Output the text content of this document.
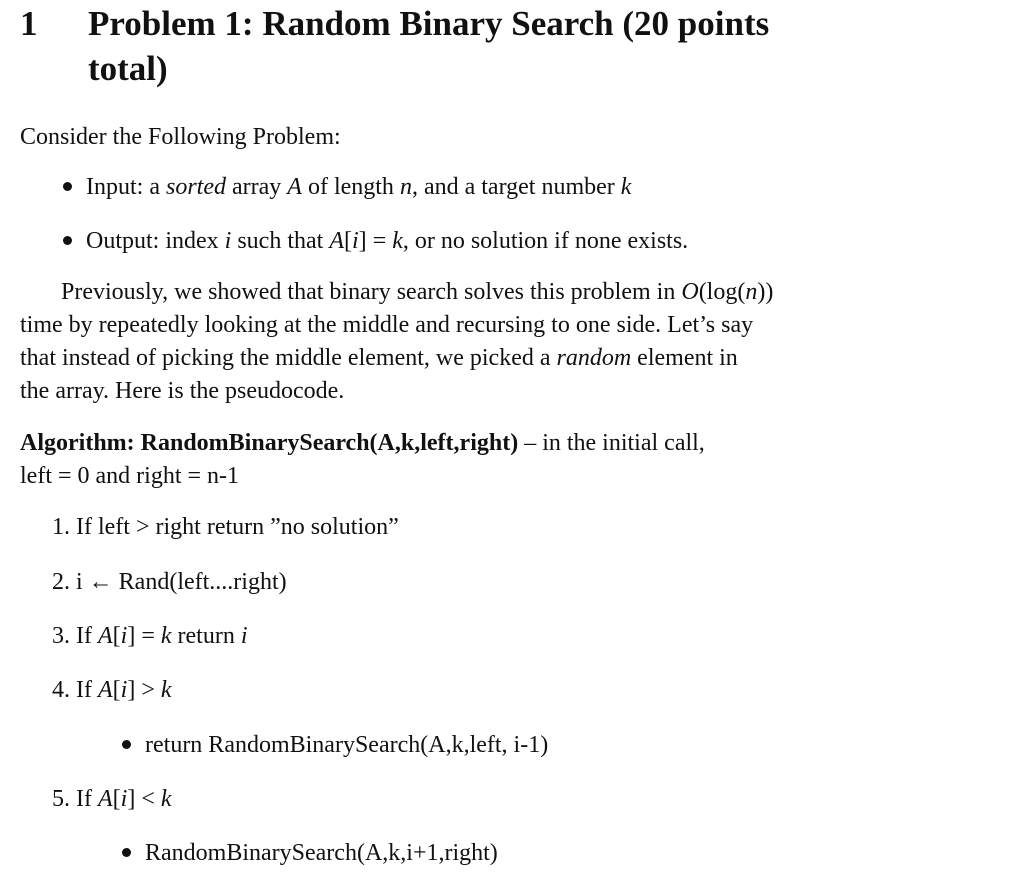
1 Problem 1: Random Binary Search (20 points
total)
Consider the Following Problem:
Input: a sorted array A of length n, and a target number k
Output: index i such that A[i] = k, or no solution if none exists.
Previously, we showed that binary search solves this problem in O(log(n))
time by repeatedly looking at the middle and recursing to one side. Let’s say
that instead of picking the middle element, we picked a random element in
the array. Here is the pseudocode.
Algorithm: RandomBinarySearch(A,k,left,right) – in the initial call,
left = 0 and right = n-1
1. If left > right return ”no solution”
2. i ← Rand(left....right)
3. If A[i] = k return i
4. If A[i] > k
return RandomBinarySearch(A,k,left, i-1)
5. If A[i] < k
RandomBinarySearch(A,k,i+1,right)
